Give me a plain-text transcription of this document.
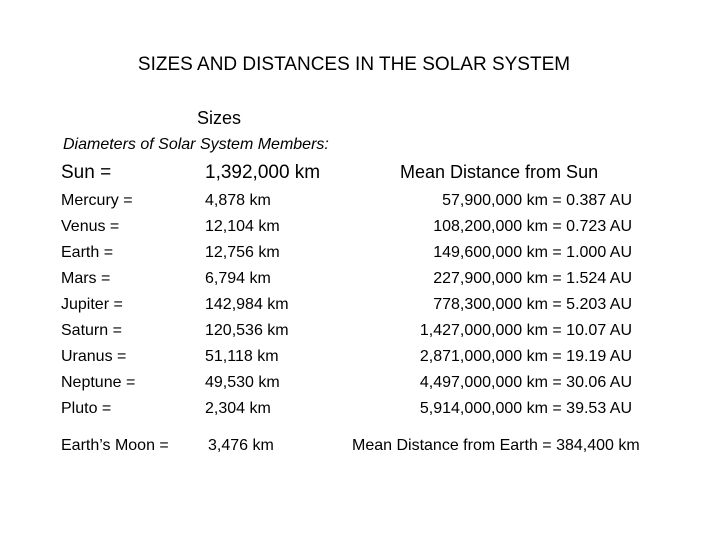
SIZES AND DISTANCES IN THE SOLAR SYSTEM
Sizes
Diameters of Solar System Members:
Sun =	1,392,000 km	Mean Distance from Sun
Mercury =	4,878 km	57,900,000 km = 0.387 AU
Venus =	12,104 km	108,200,000 km = 0.723 AU
Earth =	12,756 km	149,600,000 km = 1.000 AU
Mars =	6,794 km	227,900,000 km = 1.524 AU
Jupiter =	142,984 km	778,300,000 km = 5.203 AU
Saturn =	120,536 km	1,427,000,000 km = 10.07 AU
Uranus =	51,118 km	2,871,000,000 km = 19.19 AU
Neptune =	49,530 km	4,497,000,000 km = 30.06 AU
Pluto =	2,304 km	5,914,000,000 km = 39.53 AU
Earth’s Moon = 3,476 km	Mean Distance from Earth = 384,400 km
